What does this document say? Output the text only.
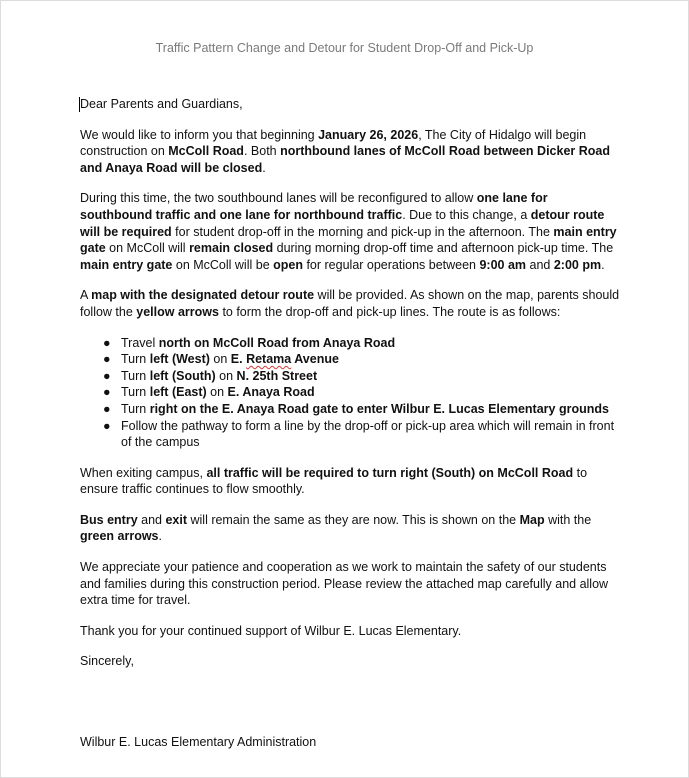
Traffic Pattern Change and Detour for Student Drop-Off and Pick-Up

Dear Parents and Guardians,

We would like to inform you that beginning January 26, 2026, The City of Hidalgo will begin construction on McColl Road. Both northbound lanes of McColl Road between Dicker Road and Anaya Road will be closed.

During this time, the two southbound lanes will be reconfigured to allow one lane for southbound traffic and one lane for northbound traffic. Due to this change, a detour route will be required for student drop-off in the morning and pick-up in the afternoon. The main entry gate on McColl will remain closed during morning drop-off time and afternoon pick-up time. The main entry gate on McColl will be open for regular operations between 9:00 am and 2:00 pm.

A map with the designated detour route will be provided. As shown on the map, parents should follow the yellow arrows to form the drop-off and pick-up lines. The route is as follows:

● Travel north on McColl Road from Anaya Road
● Turn left (West) on E. Retama Avenue
● Turn left (South) on N. 25th Street
● Turn left (East) on E. Anaya Road
● Turn right on the E. Anaya Road gate to enter Wilbur E. Lucas Elementary grounds
● Follow the pathway to form a line by the drop-off or pick-up area which will remain in front of the campus

When exiting campus, all traffic will be required to turn right (South) on McColl Road to ensure traffic continues to flow smoothly.

Bus entry and exit will remain the same as they are now. This is shown on the Map with the green arrows.

We appreciate your patience and cooperation as we work to maintain the safety of our students and families during this construction period. Please review the attached map carefully and allow extra time for travel.

Thank you for your continued support of Wilbur E. Lucas Elementary.

Sincerely,

Wilbur E. Lucas Elementary Administration
